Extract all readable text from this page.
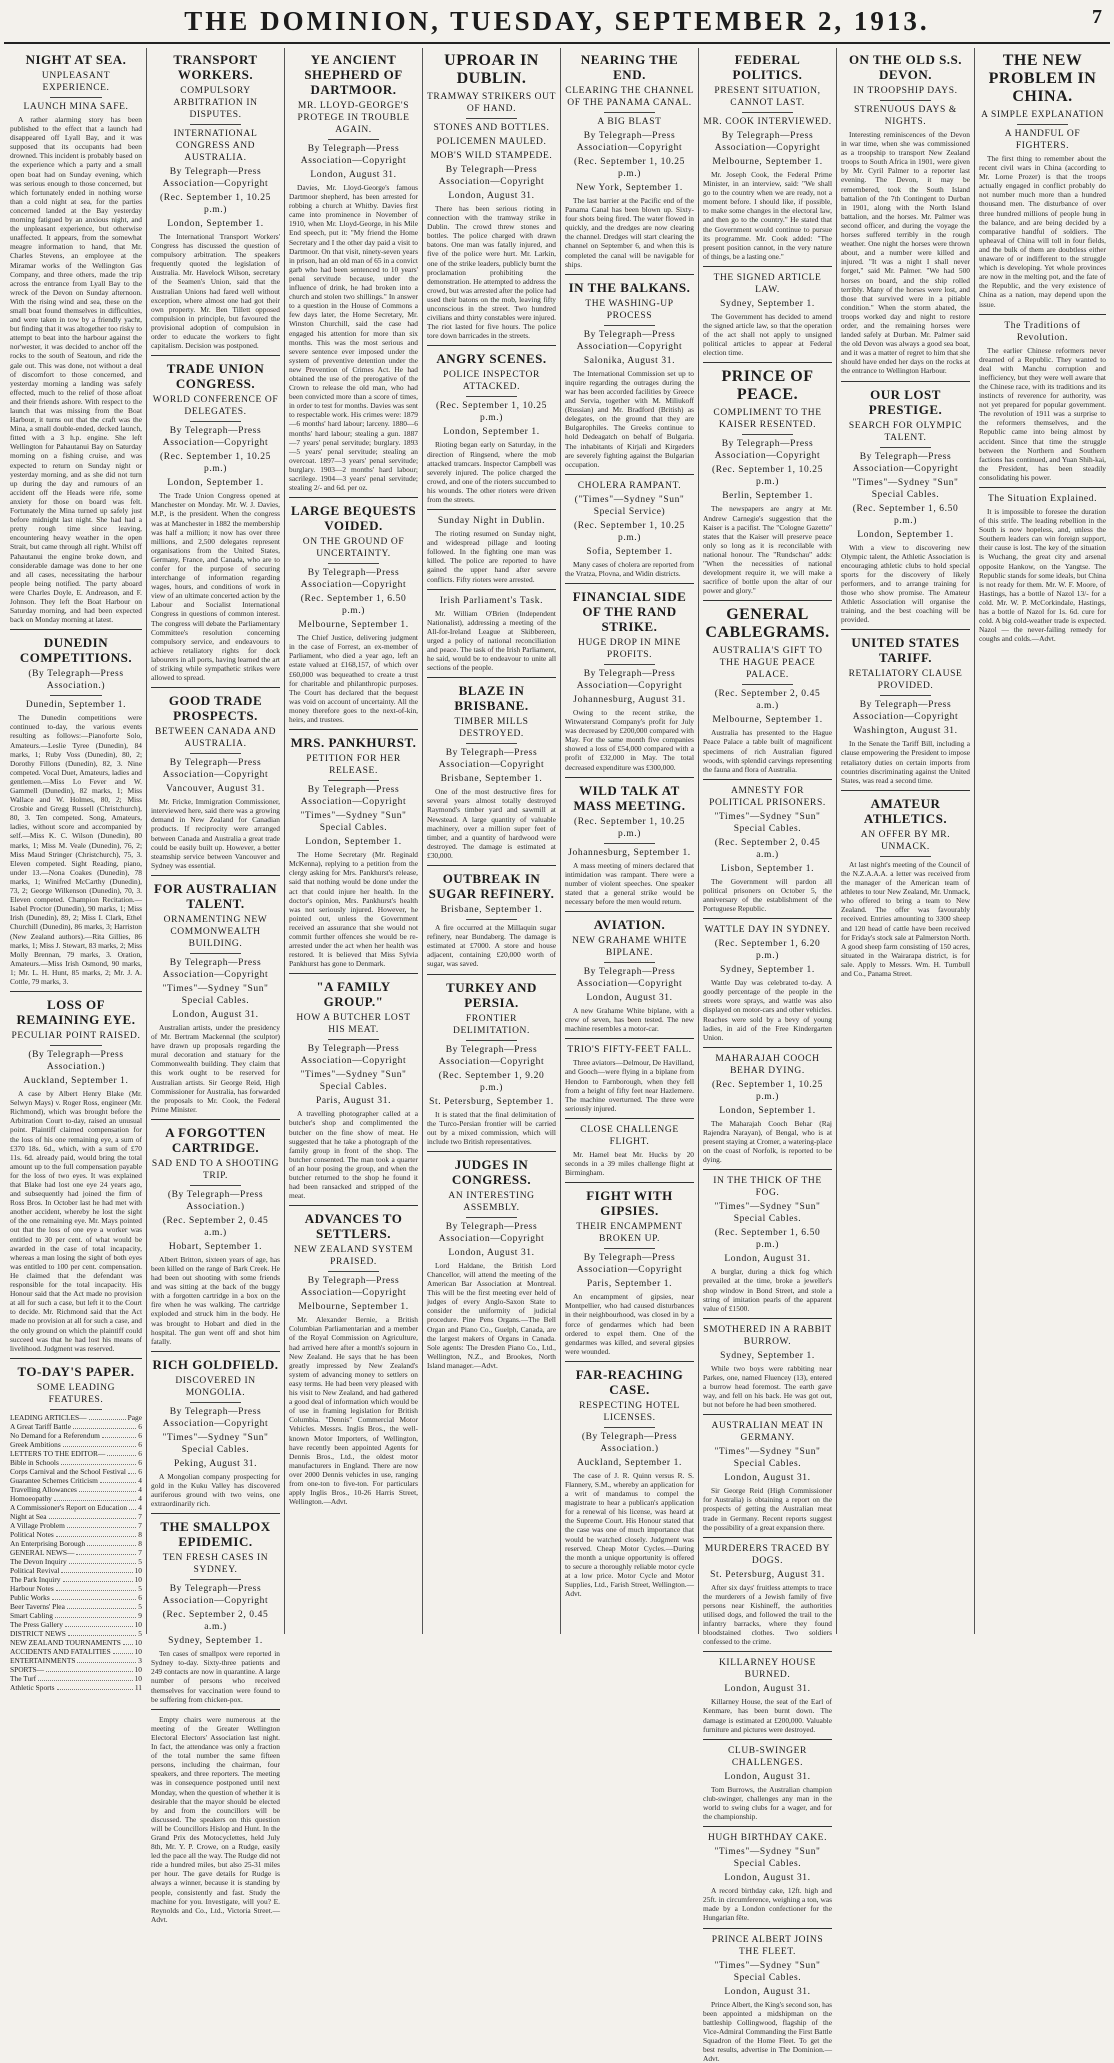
THE DOMINION, TUESDAY, SEPTEMBER 2, 1913.	7
NIGHT AT SEA.
UNPLEASANT EXPERIENCE.
LAUNCH MINA SAFE.
A rather alarming story has been published to the effect that a launch had disappeared off Lyall Bay, and it was supposed that its occupants had been drowned. This incident is probably based on the experience which a party and a small open boat had on Sunday evening, which was serious enough to those concerned, but which fortunately ended in nothing worse than a cold night at sea, for the parties concerned landed at the Bay yesterday morning fatigued by an anxious night, and the unpleasant experience, but otherwise unaffected. It appears, from the somewhat meagre information to hand, that Mr. Charles Stevens, an employee at the Miramar works of the Wellington Gas Company, and three others, made the trip across the entrance from Lyall Bay to the wreck of the Devon on Sunday afternoon. With the rising wind and sea, these on the small boat found themselves in difficulties, and were taken in tow by a friendly yacht, but finding that it was altogether too risky to attempt to beat into the harbour against the nor'wester, it was decided to anchor off the rocks to the south of Seatoun, and ride the gale out. This was done, not without a deal of discomfort to those concerned, and yesterday morning a landing was safely effected, much to the relief of those afloat and their friends ashore. With respect to the launch that was missing from the Boat Harbour, it turns out that the craft was the Mina, a small double-ended, decked launch, fitted with a 3 h.p. engine. She left Wellington for Pahautanui Bay on Saturday morning on a fishing cruise, and was expected to return on Sunday night or yesterday morning, and as she did not turn up during the day and rumours of an accident off the Heads were rife, some anxiety for those on board was felt. Fortunately the Mina turned up safely just before midnight last night. She had had a pretty rough time since leaving, encountering heavy weather in the open Strait, but came through all right. Whilst off Pahautanui the engine broke down, and considerable damage was done to her one and all cases, necessitating the harbour people being notified. The party aboard were Charles Doyle, E. Andreason, and F. Johnson. They left the Boat Harbour on Saturday morning, and had been expected back on Monday morning at latest.
DUNEDIN COMPETITIONS.
(By Telegraph—Press Association.)
Dunedin, September 1.
The Dunedin competitions were continued to-day, the various events resulting as follows:—Pianoforte Solo, Amateurs.—Leslie Tyree (Dunedin), 84 marks, 1; Ruby Voss (Dunedin), 80, 2; Dorothy Fillons (Dunedin), 82, 3. Nine competed. Vocal Duet, Amateurs, ladies and gentlemen.—Miss Lo Fever and W. Gammell (Dunedin), 82 marks, 1; Miss Wallace and W. Holmes, 80, 2; Miss Crosbie and Gregg Russell (Christchurch), 80, 3. Ten competed. Song, Amateurs, ladies, without score and accompanied by self.—Miss K. C. Wilson (Dunedin), 80 marks, 1; Miss M. Veale (Dunedin), 76, 2; Miss Maud Stringer (Christchurch), 75, 3. Eleven competed. Sight Reading, piano, under 13.—Nona Coakes (Dunedin), 78 marks, 1; Winifred McCarthy (Dunedin), 73, 2; George Wilkenson (Dunedin), 70, 3. Eleven competed. Champion Recitation.—Isabel Proctor (Dunedin), 90 marks, 1; Miss Irish (Dunedin), 89, 2; Miss I. Clark, Ethel Churchill (Dunedin), 86 marks, 3; Harriston (New Zealand authors).—Rita Gillies, 86 marks, 1; Miss J. Stewart, 83 marks, 2; Miss Molly Brennan, 79 marks, 3. Oration, Amateurs.—Miss Irish Osmond, 90 marks, 1; Mr. L. H. Hunt, 85 marks, 2; Mr. J. A. Cottle, 79 marks, 3.
LOSS OF REMAINING EYE.
PECULIAR POINT RAISED.
(By Telegraph—Press Association.)
Auckland, September 1.
A case by Albert Henry Blake (Mr. Selwyn Mays) v. Roger Ross, engineer (Mr. Richmond), which was brought before the Arbitration Court to-day, raised an unusual point. Plaintiff claimed compensation for the loss of his one remaining eye, a sum of £370 18s. 6d., which, with a sum of £70 11s. 6d. already paid, would bring the total amount up to the full compensation payable for the loss of two eyes. It was explained that Blake had lost one eye 24 years ago, and subsequently had joined the firm of Ross Bros. In October last he had met with another accident, whereby he lost the sight of the one remaining eye. Mr. Mays pointed out that the loss of one eye a worker was entitled to 30 per cent. of what would be awarded in the case of total incapacity, whereas a man losing the sight of both eyes was entitled to 100 per cent. compensation. He claimed that the defendant was responsible for the total incapacity. His Honour said that the Act made no provision at all for such a case, but left it to the Court to decide. Mr. Richmond said that the Act made no provision at all for such a case, and the only ground on which the plaintiff could succeed was that he had lost his means of livelihood. Judgment was reserved.
TO-DAY'S PAPER.
SOME LEADING FEATURES.
LEADING ARTICLES—	Page
A Great Tariff Battle	6
No Demand for a Referendum	6
Greek Ambitions	6
LETTERS TO THE EDITOR—	6
Bible in Schools	6
Corps Carnival and the School Festival 6
Guarantee Schemes Criticism	4
Travelling Allowances	4
Homoeopathy	4
A Commissioner's Report on Education 4
Night at Sea	7
A Village Problem	7
Political Notes	8
An Enterprising Borough	8
GENERAL NEWS—	7
The Devon Inquiry	5
Political Revival	10
The Park Inquiry	10
Harbour Notes	5
Public Works	6
Beer Taverns' Plea	5
Smart Cabling	9
The Press Gallery	10
DISTRICT NEWS	5
NEW ZEALAND TOURNAMENTS 10
ACCIDENTS AND FATALITIES	10
ENTERTAINMENTS	3
SPORTS—	10
The Turf	10
Athletic Sports	11
TRANSPORT WORKERS.
COMPULSORY ARBITRATION IN DISPUTES.
INTERNATIONAL CONGRESS AND AUSTRALIA.
By Telegraph—Press Association—Copyright
(Rec. September 1, 10.25 p.m.)
London, September 1.
The International Transport Workers' Congress has discussed the question of compulsory arbitration. The speakers frequently quoted the legislation of Australia. Mr. Havelock Wilson, secretary of the Seamen's Union, said that the Australian Unions had fared well without exception, where almost one had got their own property. Mr. Ben Tillett opposed compulsion in principle, but favoured the provisional adoption of compulsion in order to educate the workers to fight capitalism. Decision was postponed.
TRADE UNION CONGRESS.
WORLD CONFERENCE OF DELEGATES.
By Telegraph—Press Association—Copyright
(Rec. September 1, 10.25 p.m.)
London, September 1.
The Trade Union Congress opened at Manchester on Monday. Mr. W. J. Davies, M.P., is the president. When the congress was at Manchester in 1882 the membership was half a million; it now has over three millions, and 2,500 delegates represent organisations from the United States, Germany, France, and Canada, who are to confer for the purpose of securing interchange of information regarding wages, hours, and conditions of work in view of an ultimate concerted action by the Labour and Socialist International Congress in questions of common interest. The congress will debate the Parliamentary Committee's resolution concerning compulsory service, and endeavours to achieve retaliatory rights for dock labourers in all ports, having learned the art of striking while sympathetic strikes were allowed to spread.
GOOD TRADE PROSPECTS.
BETWEEN CANADA AND AUSTRALIA.
By Telegraph—Press Association—Copyright
Vancouver, August 31.
Mr. Fricke, Immigration Commissioner, interviewed here, said there was a growing demand in New Zealand for Canadian products. If reciprocity were arranged between Canada and Australia a great trade could be easily built up. However, a better steamship service between Vancouver and Sydney was essential.
FOR AUSTRALIAN TALENT.
ORNAMENTING NEW COMMONWEALTH BUILDING.
By Telegraph—Press Association—Copyright
"Times"—Sydney "Sun" Special Cables.
London, August 31.
Australian artists, under the presidency of Mr. Bertram Mackennal (the sculptor) have drawn up proposals regarding the mural decoration and statuary for the Commonwealth building. They claim that this work ought to be reserved for Australian artists. Sir George Reid, High Commissioner for Australia, has forwarded the proposals to Mr. Cook, the Federal Prime Minister.
A FORGOTTEN CARTRIDGE.
SAD END TO A SHOOTING TRIP.
(By Telegraph—Press Association.)
(Rec. September 2, 0.45 a.m.)
Hobart, September 1.
Albert Britton, sixteen years of age, has been killed on the range of Bark Creek. He had been out shooting with some friends and was sitting at the back of the buggy with a forgotten cartridge in a box on the fire when he was walking. The cartridge exploded and struck him in the body. He was brought to Hobart and died in the hospital. The gun went off and shot him fatally.
RICH GOLDFIELD.
DISCOVERED IN MONGOLIA.
By Telegraph—Press Association—Copyright
"Times"—Sydney "Sun" Special Cables.
Peking, August 31.
A Mongolian company prospecting for gold in the Kuku Valley has discovered auriferous ground with two veins, one extraordinarily rich.
THE SMALLPOX EPIDEMIC.
TEN FRESH CASES IN SYDNEY.
By Telegraph—Press Association—Copyright
(Rec. September 2, 0.45 a.m.)
Sydney, September 1.
Ten cases of smallpox were reported in Sydney to-day. Sixty-three patients and 249 contacts are now in quarantine. A large number of persons who received themselves for vaccination were found to be suffering from chicken-pox.
Empty chairs were numerous at the meeting of the Greater Wellington Electoral Electors' Association last night. In fact, the attendance was only a fraction of the total number the same fifteen persons, including the chairman, four speakers, and three reporters. The meeting was in consequence postponed until next Monday, when the question of whether it is desirable that the mayor should be elected by and from the councillors will be discussed. The speakers on this question will be Councillors Hislop and Hunt. In the Grand Prix des Motocyclettes, held July 8th, Mr. Y. P. Crowe, on a Rudge, easily led the pace all the way. The Rudge did not ride a hundred miles, but also 25-31 miles per hour. The gave details for Rudge is always a winner, because it is standing by people, consistently and fast. Study the machine for you. Investigate, will you? E. Reynolds and Co., Ltd., Victoria Street.—Advt.
YE ANCIENT SHEPHERD OF DARTMOOR.
MR. LLOYD-GEORGE'S PROTEGE IN TROUBLE AGAIN.
By Telegraph—Press Association—Copyright
London, August 31.
Davies, Mr. Lloyd-George's famous Dartmoor shepherd, has been arrested for robbing a church at Whitby. Davies first came into prominence in November of 1910, when Mr. Lloyd-George, in his Mile End speech, put it: "My friend the Home Secretary and I the other day paid a visit to Dartmoor. On that visit, ninety-seven years in prison, had an old man of 65 in a convict garb who had been sentenced to 10 years' penal servitude because, under the influence of drink, he had broken into a church and stolen two shillings." In answer to a question in the House of Commons a few days later, the Home Secretary, Mr. Winston Churchill, said the case had engaged his attention for more than six months. This was the most serious and severe sentence ever imposed under the system of preventive detention under the new Prevention of Crimes Act. He had obtained the use of the prerogative of the Crown to release the old man, who had been convicted more than a score of times, in order to test for months. Davies was sent to respectable work. His crimes were: 1879—6 months' hard labour; larceny. 1880—6 months' hard labour; stealing a gun. 1887—7 years' penal servitude; burglary. 1893—5 years' penal servitude; stealing an overcoat. 1897—3 years' penal servitude; burglary. 1903—2 months' hard labour; sacrilege. 1904—3 years' penal servitude; stealing 2/- and 6d. per oz.
LARGE BEQUESTS VOIDED.
ON THE GROUND OF UNCERTAINTY.
By Telegraph—Press Association—Copyright
(Rec. September 1, 6.50 p.m.)
Melbourne, September 1.
The Chief Justice, delivering judgment in the case of Forrest, an ex-member of Parliament, who died a year ago, left an estate valued at £168,157, of which over £60,000 was bequeathed to create a trust for charitable and philanthropic purposes. The Court has declared that the bequest was void on account of uncertainty. All the money therefore goes to the next-of-kin, heirs, and trustees.
MRS. PANKHURST.
PETITION FOR HER RELEASE.
By Telegraph—Press Association—Copyright
"Times"—Sydney "Sun" Special Cables.
London, September 1.
The Home Secretary (Mr. Reginald McKenna), replying to a petition from the clergy asking for Mrs. Pankhurst's release, said that nothing would be done under the act that could injure her health. In the doctor's opinion, Mrs. Pankhurst's health was not seriously injured. However, he pointed out, unless the Government received an assurance that she would not commit further offences she would be re-arrested under the act when her health was restored. It is believed that Miss Sylvia Pankhurst has gone to Denmark.
"A FAMILY GROUP."
HOW A BUTCHER LOST HIS MEAT.
By Telegraph—Press Association—Copyright
"Times"—Sydney "Sun" Special Cables.
Paris, August 31.
A travelling photographer called at a butcher's shop and complimented the butcher on the fine show of meat. He suggested that he take a photograph of the family group in front of the shop. The butcher consented. The man took a quarter of an hour posing the group, and when the butcher returned to the shop he found it had been ransacked and stripped of the meat.
ADVANCES TO SETTLERS.
NEW ZEALAND SYSTEM PRAISED.
By Telegraph—Press Association—Copyright
Melbourne, September 1.
Mr. Alexander Bernie, a British Columbian Parliamentarian and a member of the Royal Commission on Agriculture, had arrived here after a month's sojourn in New Zealand. He says that he has been greatly impressed by New Zealand's system of advancing money to settlers on easy terms. He had been very pleased with his visit to New Zealand, and had gathered a good deal of information which would be of use in framing legislation for British Columbia. "Dennis" Commercial Motor Vehicles. Messrs. Inglis Bros., the well-known Motor Importers, of Wellington, have recently been appointed Agents for Dennis Bros., Ltd., the oldest motor manufacturers in England. There are now over 2000 Dennis vehicles in use, ranging from one-ton to five-ton. For particulars apply Inglis Bros., 10-26 Harris Street, Wellington.—Advt.
UPROAR IN DUBLIN.
TRAMWAY STRIKERS OUT OF HAND.
STONES AND BOTTLES.
POLICEMEN MAULED.
MOB'S WILD STAMPEDE.
By Telegraph—Press Association—Copyright
London, August 31.
There has been serious rioting in connection with the tramway strike in Dublin. The crowd threw stones and bottles. The police charged with drawn batons. One man was fatally injured, and five of the police were hurt. Mr. Larkin, one of the strike leaders, publicly burnt the proclamation prohibiting the demonstration. He attempted to address the crowd, but was arrested after the police had used their batons on the mob, leaving fifty unconscious in the street. Two hundred civilians and thirty constables were injured. The riot lasted for five hours. The police tore down barricades in the streets.
ANGRY SCENES.
POLICE INSPECTOR ATTACKED.
(Rec. September 1, 10.25 p.m.)
London, September 1.
Rioting began early on Saturday, in the direction of Ringsend, where the mob attacked tramcars. Inspector Campbell was severely injured. The police charged the crowd, and one of the rioters succumbed to his wounds. The other rioters were driven from the streets.
Sunday Night in Dublin.
The rioting resumed on Sunday night, and widespread pillage and looting followed. In the fighting one man was killed. The police are reported to have gained the upper hand after severe conflicts. Fifty rioters were arrested.
Irish Parliament's Task.
Mr. William O'Brien (Independent Nationalist), addressing a meeting of the All-for-Ireland League at Skibbereen, urged a policy of national reconciliation and peace. The task of the Irish Parliament, he said, would be to endeavour to unite all sections of the people.
BLAZE IN BRISBANE.
TIMBER MILLS DESTROYED.
By Telegraph—Press Association—Copyright
Brisbane, September 1.
One of the most destructive fires for several years almost totally destroyed Raymond's timber yard and sawmill at Newstead. A large quantity of valuable machinery, over a million super feet of timber, and a quantity of hardwood were destroyed. The damage is estimated at £30,000.
OUTBREAK IN SUGAR REFINERY.
Brisbane, September 1.
A fire occurred at the Millaquin sugar refinery, near Bundaberg. The damage is estimated at £7000. A store and house adjacent, containing £20,000 worth of sugar, was saved.
TURKEY AND PERSIA.
FRONTIER DELIMITATION.
By Telegraph—Press Association—Copyright
(Rec. September 1, 9.20 p.m.)
St. Petersburg, September 1.
It is stated that the final delimitation of the Turco-Persian frontier will be carried out by a mixed commission, which will include two British representatives.
JUDGES IN CONGRESS.
AN INTERESTING ASSEMBLY.
By Telegraph—Press Association—Copyright
London, August 31.
Lord Haldane, the British Lord Chancellor, will attend the meeting of the American Bar Association at Montreal. This will be the first meeting ever held of judges of every Anglo-Saxon State to consider the uniformity of judicial procedure. Pine Pens Organs.—The Bell Organ and Piano Co., Guelph, Canada, are the largest makers of Organs in Canada. Sole agents: The Dresden Piano Co., Ltd., Wellington, N.Z., and Brookes, North Island manager.—Advt.
NEARING THE END.
CLEARING THE CHANNEL OF THE PANAMA CANAL.
A BIG BLAST
By Telegraph—Press Association—Copyright
(Rec. September 1, 10.25 p.m.)
New York, September 1.
The last barrier at the Pacific end of the Panama Canal has been blown up. Sixty-four shots being fired. The water flowed in quickly, and the dredges are now clearing the channel. Dredges will start clearing the channel on September 6, and when this is completed the canal will be navigable for ships.
IN THE BALKANS.
THE WASHING-UP PROCESS
By Telegraph—Press Association—Copyright
Salonika, August 31.
The International Commission set up to inquire regarding the outrages during the war has been accorded facilities by Greece and Servia, together with M. Miliukoff (Russian) and Mr. Bradford (British) as delegates, on the ground that they are Bulgarophiles. The Greeks continue to hold Dedeagatch on behalf of Bulgaria. The inhabitants of Kirjali and Kirgeders are severely fighting against the Bulgarian occupation.
CHOLERA RAMPANT.
("Times"—Sydney "Sun" Special Service)
(Rec. September 1, 10.25 p.m.)
Sofia, September 1.
Many cases of cholera are reported from the Vratza, Plovna, and Widin districts.
FINANCIAL SIDE OF THE RAND STRIKE.
HUGE DROP IN MINE PROFITS.
By Telegraph—Press Association—Copyright
Johannesburg, August 31.
Owing to the recent strike, the Witwatersrand Company's profit for July was decreased by £200,000 compared with May. For the same month five companies showed a loss of £54,000 compared with a profit of £32,000 in May. The total decreased expenditure was £300,000.
WILD TALK AT MASS MEETING.
(Rec. September 1, 10.25 p.m.)
Johannesburg, September 1.
A mass meeting of miners declared that intimidation was rampant. There were a number of violent speeches. One speaker stated that a general strike would be necessary before the men would return.
AVIATION.
NEW GRAHAME WHITE BIPLANE.
By Telegraph—Press Association—Copyright
London, August 31.
A new Grahame White biplane, with a crew of seven, has been tested. The new machine resembles a motor-car.
TRIO'S FIFTY-FEET FALL.
Three aviators—Delmour, De Havilland, and Gooch—were flying in a biplane from Hendon to Farnborough, when they fell from a height of fifty feet near Hazlemere. The machine overturned. The three were seriously injured.
CLOSE CHALLENGE FLIGHT.
Mr. Hamel beat Mr. Hucks by 20 seconds in a 39 miles challenge flight at Birmingham.
FIGHT WITH GIPSIES.
THEIR ENCAMPMENT BROKEN UP.
By Telegraph—Press Association—Copyright
Paris, September 1.
An encampment of gipsies, near Montpellier, who had caused disturbances in their neighbourhood, was closed in by a force of gendarmes which had been ordered to expel them. One of the gendarmes was killed, and several gipsies were wounded.
FAR-REACHING CASE.
RESPECTING HOTEL LICENSES.
(By Telegraph—Press Association.)
Auckland, September 1.
The case of J. R. Quinn versus R. S. Flannery, S.M., whereby an application for a writ of mandamus to compel the magistrate to hear a publican's application for a renewal of his license, was heard at the Supreme Court. His Honour stated that the case was one of much importance that would be watched closely. Judgment was reserved. Cheap Motor Cycles.—During the month a unique opportunity is offered to secure a thoroughly reliable motor cycle at a low price. Motor Cycle and Motor Supplies, Ltd., Farish Street, Wellington.—Advt.
FEDERAL POLITICS.
PRESENT SITUATION, CANNOT LAST.
MR. COOK INTERVIEWED.
By Telegraph—Press Association—Copyright
Melbourne, September 1.
Mr. Joseph Cook, the Federal Prime Minister, in an interview, said: "We shall go to the country when we are ready, not a moment before. I should like, if possible, to make some changes in the electoral law, and then go to the country." He stated that the Government would continue to pursue its programme. Mr. Cook added: "The present position cannot, in the very nature of things, be a lasting one."
THE SIGNED ARTICLE LAW.
Sydney, September 1.
The Government has decided to amend the signed article law, so that the operation of the act shall not apply to unsigned political articles to appear at Federal election time.
PRINCE OF PEACE.
COMPLIMENT TO THE KAISER RESENTED.
By Telegraph—Press Association—Copyright
(Rec. September 1, 10.25 p.m.)
Berlin, September 1.
The newspapers are angry at Mr. Andrew Carnegie's suggestion that the Kaiser is a pacifist. The "Cologne Gazette" states that the Kaiser will preserve peace only so long as it is reconcilable with national honour. The "Rundschau" adds: "When the necessities of national development require it, we will make a sacrifice of bottle upon the altar of our power and glory."
GENERAL CABLEGRAMS.
AUSTRALIA'S GIFT TO THE HAGUE PEACE PALACE.
(Rec. September 2, 0.45 a.m.)
Melbourne, September 1.
Australia has presented to the Hague Peace Palace a table built of magnificent specimens of rich Australian figured woods, with splendid carvings representing the fauna and flora of Australia.
AMNESTY FOR POLITICAL PRISONERS.
"Times"—Sydney "Sun" Special Cables.
(Rec. September 2, 0.45 a.m.)
Lisbon, September 1.
The Government will pardon all political prisoners on October 5, the anniversary of the establishment of the Portuguese Republic.
WATTLE DAY IN SYDNEY.
(Rec. September 1, 6.20 p.m.)
Sydney, September 1.
Wattle Day was celebrated to-day. A goodly percentage of the people in the streets wore sprays, and wattle was also displayed on motor-cars and other vehicles. Reaches were sold by a bevy of young ladies, in aid of the Free Kindergarten Union.
MAHARAJAH COOCH BEHAR DYING.
(Rec. September 1, 10.25 p.m.)
London, September 1.
The Maharajah Cooch Behar (Raj Rajendra Narayan), of Bengal, who is at present staying at Cromer, a watering-place on the coast of Norfolk, is reported to be dying.
IN THE THICK OF THE FOG.
"Times"—Sydney "Sun" Special Cables.
(Rec. September 1, 6.50 p.m.)
London, August 31.
A burglar, during a thick fog which prevailed at the time, broke a jeweller's shop window in Bond Street, and stole a string of imitation pearls of the apparent value of £1500.
SMOTHERED IN A RABBIT BURROW.
Sydney, September 1.
While two boys were rabbiting near Parkes, one, named Fluencey (13), entered a burrow head foremost. The earth gave way, and fell on his back. He was got out, but not before he had been smothered.
AUSTRALIAN MEAT IN GERMANY.
"Times"—Sydney "Sun" Special Cables.
London, August 31.
Sir George Reid (High Commissioner for Australia) is obtaining a report on the prospects of getting the Australian meat trade in Germany. Recent reports suggest the possibility of a great expansion there.
MURDERERS TRACED BY DOGS.
St. Petersburg, August 31.
After six days' fruitless attempts to trace the murderers of a Jewish family of five persons near Kishineff, the authorities utilised dogs, and followed the trail to the infantry barracks, where they found bloodstained clothes. Two soldiers confessed to the crime.
KILLARNEY HOUSE BURNED.
London, August 31.
Killarney House, the seat of the Earl of Kenmare, has been burnt down. The damage is estimated at £200,000. Valuable furniture and pictures were destroyed.
CLUB-SWINGER CHALLENGES.
London, August 31.
Tom Burrows, the Australian champion club-swinger, challenges any man in the world to swing clubs for a wager, and for the championship.
HUGH BIRTHDAY CAKE.
"Times"—Sydney "Sun" Special Cables.
London, August 31.
A record birthday cake, 12ft. high and 25ft. in circumference, weighing a ton, was made by a London confectioner for the Hungarian fête.
PRINCE ALBERT JOINS THE FLEET.
"Times"—Sydney "Sun" Special Cables.
London, August 31.
Prince Albert, the King's second son, has been appointed a midshipman on the battleship Collingwood, flagship of the Vice-Admiral Commanding the First Battle Squadron of the Home Fleet. To get the best results, advertise in The Dominion.—Advt.
ON THE OLD S.S. DEVON.
IN TROOPSHIP DAYS.
STRENUOUS DAYS & NIGHTS.
Interesting reminiscences of the Devon in war time, when she was commissioned as a troopship to transport New Zealand troops to South Africa in 1901, were given by Mr. Cyril Palmer to a reporter last evening. The Devon, it may be remembered, took the South Island battalion of the 7th Contingent to Durban in 1901, along with the North Island battalion, and the horses. Mr. Palmer was second officer, and during the voyage the horses suffered terribly in the rough weather. One night the horses were thrown about, and a number were killed and injured. "It was a night I shall never forget," said Mr. Palmer. "We had 500 horses on board, and the ship rolled terribly. Many of the horses were lost, and those that survived were in a pitiable condition." When the storm abated, the troops worked day and night to restore order, and the remaining horses were landed safely at Durban. Mr. Palmer said the old Devon was always a good sea boat, and it was a matter of regret to him that she should have ended her days on the rocks at the entrance to Wellington Harbour.
OUR LOST PRESTIGE.
SEARCH FOR OLYMPIC TALENT.
By Telegraph—Press Association—Copyright
"Times"—Sydney "Sun" Special Cables.
(Rec. September 1, 6.50 p.m.)
London, September 1.
With a view to discovering new Olympic talent, the Athletic Association is encouraging athletic clubs to hold special sports for the discovery of likely performers, and to arrange training for those who show promise. The Amateur Athletic Association will organise the training, and the best coaching will be provided.
UNITED STATES TARIFF.
RETALIATORY CLAUSE PROVIDED.
By Telegraph—Press Association—Copyright
Washington, August 31.
In the Senate the Tariff Bill, including a clause empowering the President to impose retaliatory duties on certain imports from countries discriminating against the United States, was read a second time.
AMATEUR ATHLETICS.
AN OFFER BY MR. UNMACK.
At last night's meeting of the Council of the N.Z.A.A.A. a letter was received from the manager of the American team of athletes to tour New Zealand, Mr. Unmack, who offered to bring a team to New Zealand. The offer was favourably received. Entries amounting to 3300 sheep and 120 head of cattle have been received for Friday's stock sale at Palmerston North. A good sheep farm consisting of 150 acres, situated in the Wairarapa district, is for sale. Apply to Messrs. Wm. H. Turnbull and Co., Panama Street.
THE NEW PROBLEM IN CHINA.
A SIMPLE EXPLANATION
A HANDFUL OF FIGHTERS.
The first thing to remember about the recent civil wars in China (according to Mr. Lorne Prozer) is that the troops actually engaged in conflict probably do not number much more than a hundred thousand men. The disturbance of over three hundred millions of people hung in the balance, and are being decided by a comparative handful of soldiers. The upheaval of China will toll in four fields, and the bulk of them are doubtless either unaware of or indifferent to the struggle which is developing. Yet whole provinces are now in the melting pot, and the fate of the Republic, and the very existence of China as a nation, may depend upon the issue.
The Traditions of Revolution.
The earlier Chinese reformers never dreamed of a Republic. They wanted to deal with Manchu corruption and inefficiency, but they were well aware that the Chinese race, with its traditions and its instincts of reverence for authority, was not yet prepared for popular government. The revolution of 1911 was a surprise to the reformers themselves, and the Republic came into being almost by accident. Since that time the struggle between the Northern and Southern factions has continued, and Yuan Shih-kai, the President, has been steadily consolidating his power.
The Situation Explained.
It is impossible to foresee the duration of this strife. The leading rebellion in the South is now hopeless, and, unless the Southern leaders can win foreign support, their cause is lost. The key of the situation is Wuchang, the great city and arsenal opposite Hankow, on the Yangtse. The Republic stands for some ideals, but China is not ready for them. Mr. W. F. Moore, of Hastings, has a bottle of Nazol 13/- for a cold. Mr. W. P. McCorkindale, Hastings, has a bottle of Nazol for 1s. 6d. cure for cold. A big cold-weather trade is expected. Nazol — the never-failing remedy for coughs and colds.—Advt.
